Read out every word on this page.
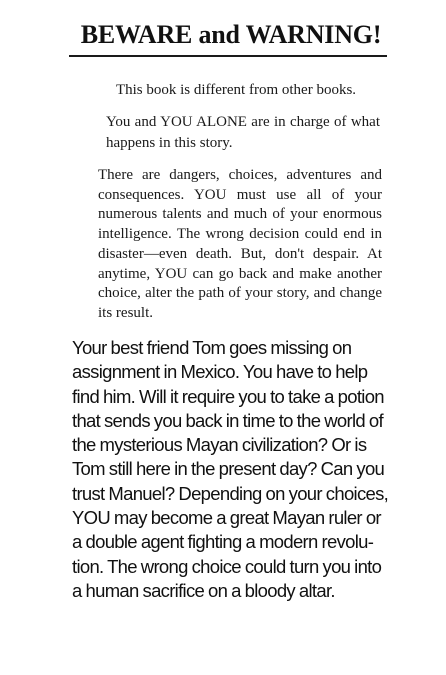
BEWARE and WARNING!
This book is different from other books.
You and YOU ALONE are in charge of what happens in this story.
There are dangers, choices, adventures and consequences. YOU must use all of your numerous talents and much of your enormous intelligence. The wrong decision could end in disaster—even death. But, don't despair. At anytime, YOU can go back and make another choice, alter the path of your story, and change its result.
Your best friend Tom goes missing on
assignment in Mexico. You have to help
find him. Will it require you to take a potion
that sends you back in time to the world of
the mysterious Mayan civilization? Or is
Tom still here in the present day? Can you
trust Manuel? Depending on your choices,
YOU may become a great Mayan ruler or
a double agent fighting a modern revolu-
tion. The wrong choice could turn you into
a human sacrifice on a bloody altar.
